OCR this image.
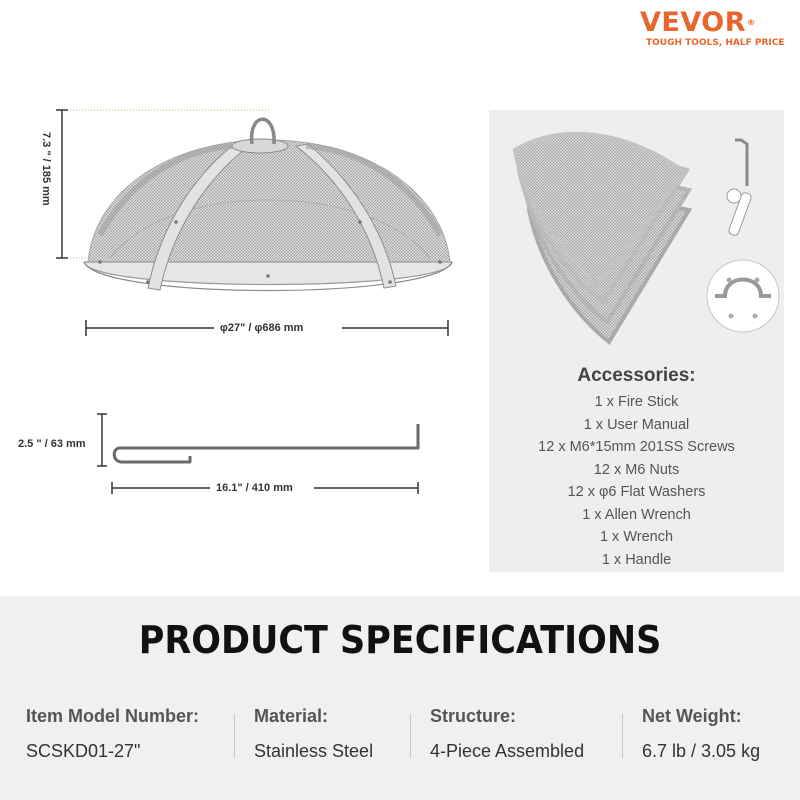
VEVOR®
TOUGH TOOLS, HALF PRICE
φ27" / φ686 mm
7.3 " / 185 mm
2.5 " / 63 mm
16.1" / 410 mm
Accessories:
1 x Fire Stick
1 x User Manual
12 x M6*15mm 201SS Screws
12 x M6 Nuts
12 x φ6 Flat Washers
1 x Allen Wrench
1 x Wrench
1 x Handle
PRODUCT SPECIFICATIONS
Item Model Number:
SCSKD01-27"
Material:
Stainless Steel
Structure:
4-Piece Assembled
Net Weight:
6.7 lb / 3.05 kg
